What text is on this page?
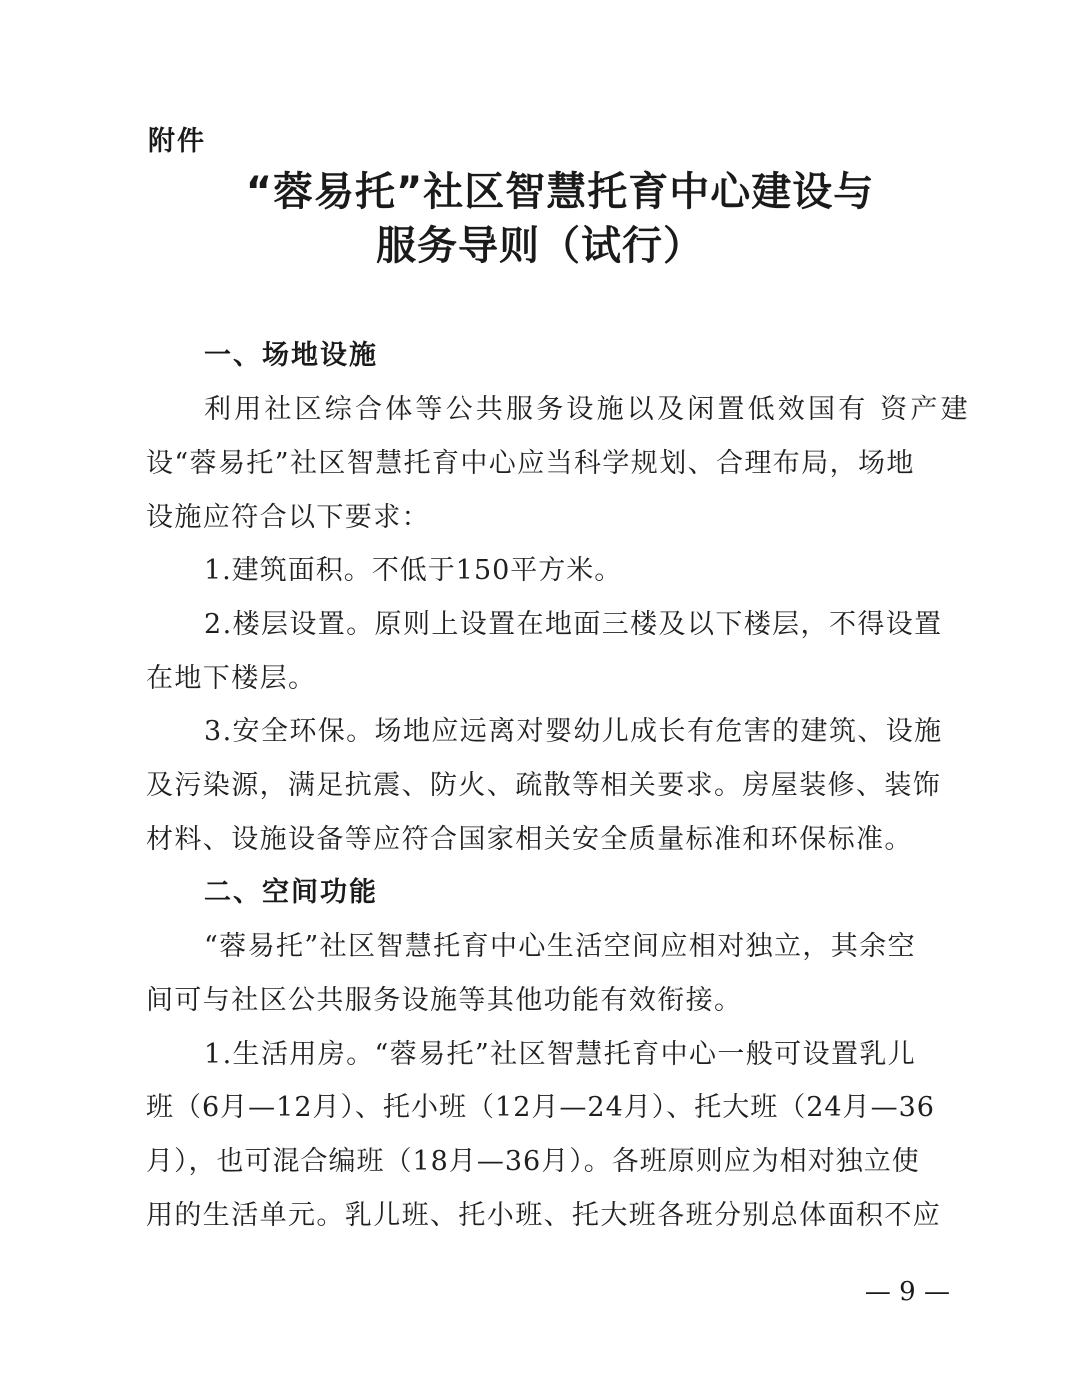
附件
“蓉易托”社区智慧托育中心建设与
服务导则（试行）
一、场地设施
利用社区综合体等公共服务设施以及闲置低效国有 资产建
设“蓉易托”社区智慧托育中心应当科学规划、合理布局，场地
设施应符合以下要求：
1.建筑面积。不低于150平方米。
2.楼层设置。原则上设置在地面三楼及以下楼层，不得设置
在地下楼层。
3.安全环保。场地应远离对婴幼儿成长有危害的建筑、设施
及污染源，满足抗震、防火、疏散等相关要求。房屋装修、装饰
材料、设施设备等应符合国家相关安全质量标准和环保标准。
二、空间功能
“蓉易托”社区智慧托育中心生活空间应相对独立，其余空
间可与社区公共服务设施等其他功能有效衔接。
1.生活用房。“蓉易托”社区智慧托育中心一般可设置乳儿
班（6月—12月）、托小班（12月—24月）、托大班（24月—36
月），也可混合编班（18月—36月）。各班原则应为相对独立使
用的生活单元。乳儿班、托小班、托大班各班分别总体面积不应
— 9 —
